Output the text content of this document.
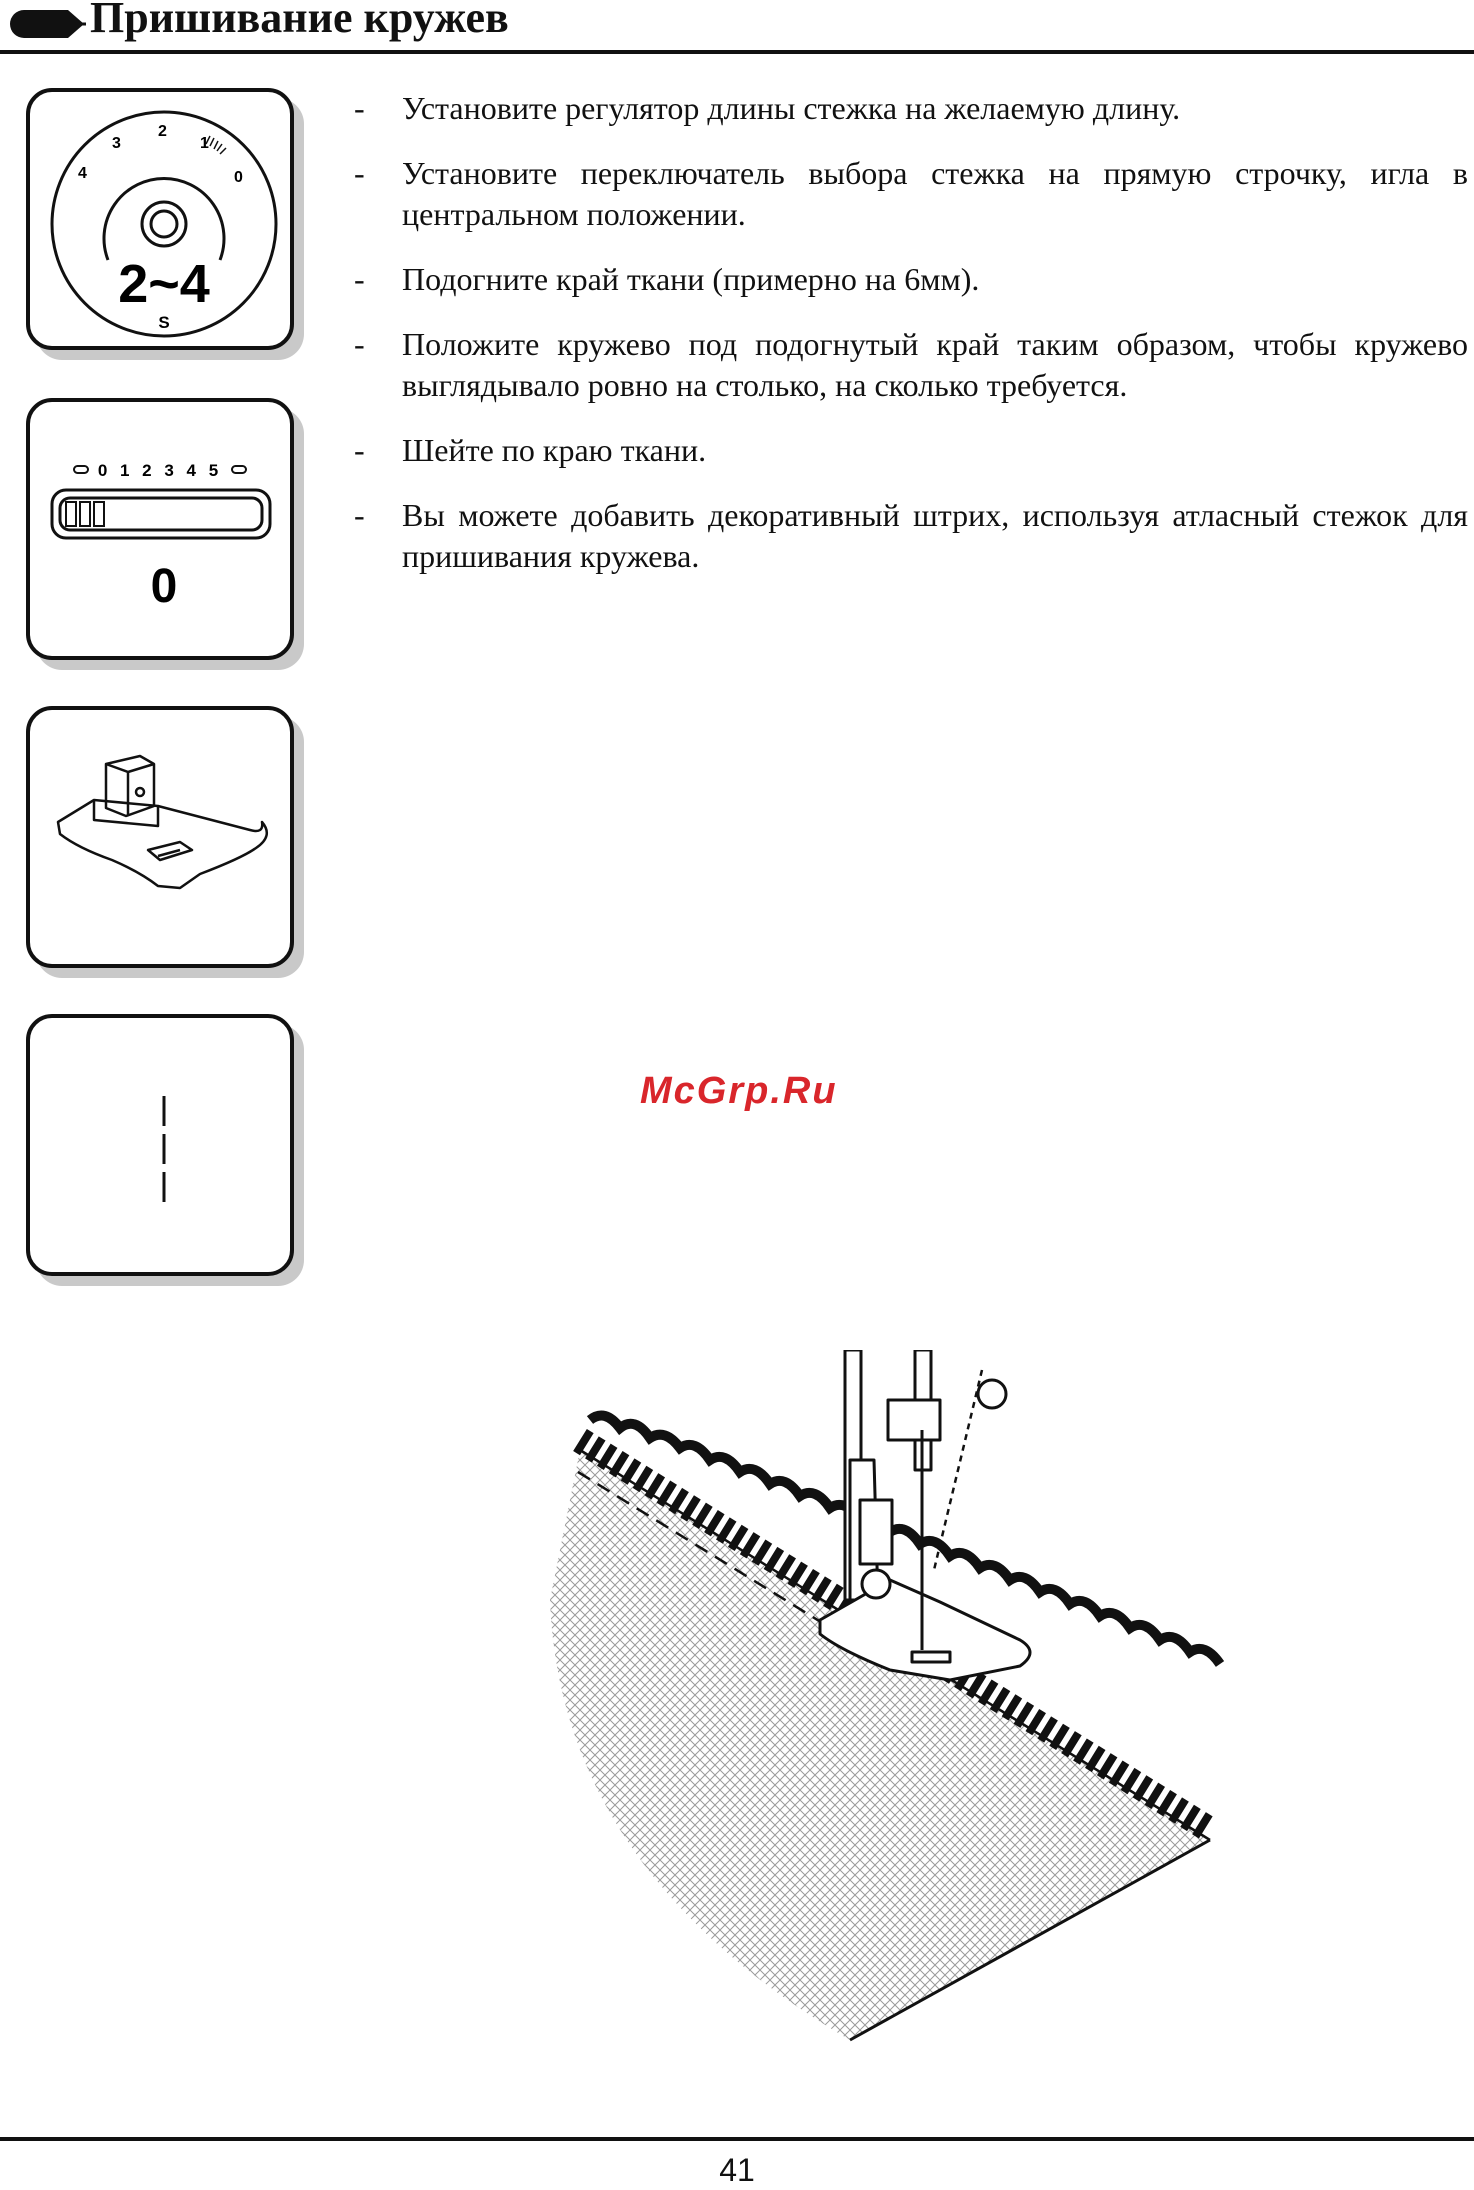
Пришивание кружев
4
3
2
1
0
2~4
S
0 1 2 3 4 5
0
- Установите регулятор длины стежка на желаемую длину.
- Установите переключатель выбора стежка на прямую строчку, игла в центральном положении.
- Подогните край ткани (примерно на 6мм).
- Положите кружево под подогнутый край таким образом, чтобы кружево выглядывало ровно на столько, на сколько требуется.
- Шейте по краю ткани.
- Вы можете добавить декоративный штрих, используя атласный стежок для пришивания кружева.
McGrp.Ru
41
